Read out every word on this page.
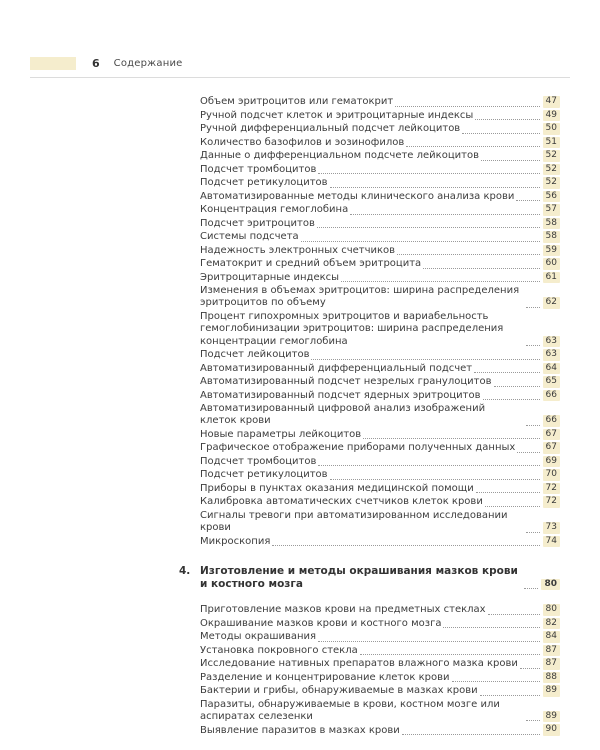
6 Содержание
Объем эритроцитов или гематокрит	47
Ручной подсчет клеток и эритроцитарные индексы	49
Ручной дифференциальный подсчет лейкоцитов	50
Количество базофилов и эозинофилов	51
Данные о дифференциальном подсчете лейкоцитов	52
Подсчет тромбоцитов	52
Подсчет ретикулоцитов	52
Автоматизированные методы клинического анализа крови	56
Концентрация гемоглобина	57
Подсчет эритроцитов	58
Системы подсчета	58
Надежность электронных счетчиков	59
Гематокрит и средний объем эритроцита	60
Эритроцитарные индексы	61
Изменения в объемах эритроцитов: ширина распределения эритроцитов по объему	62
Процент гипохромных эритроцитов и вариабельность гемоглобинизации эритроцитов: ширина распределения концентрации гемоглобина	63
Подсчет лейкоцитов	63
Автоматизированный дифференциальный подсчет	64
Автоматизированный подсчет незрелых гранулоцитов	65
Автоматизированный подсчет ядерных эритроцитов	66
Автоматизированный цифровой анализ изображений клеток крови	66
Новые параметры лейкоцитов	67
Графическое отображение приборами полученных данных	67
Подсчет тромбоцитов	69
Подсчет ретикулоцитов	70
Приборы в пунктах оказания медицинской помощи	72
Калибровка автоматических счетчиков клеток крови	72
Сигналы тревоги при автоматизированном исследовании крови	73
Микроскопия	74
4. Изготовление и методы окрашивания мазков крови и костного мозга	80
Приготовление мазков крови на предметных стеклах	80
Окрашивание мазков крови и костного мозга	82
Методы окрашивания	84
Установка покровного стекла	87
Исследование нативных препаратов влажного мазка крови	87
Разделение и концентрирование клеток крови	88
Бактерии и грибы, обнаруживаемые в мазках крови	89
Паразиты, обнаруживаемые в крови, костном мозге или аспиратах селезенки	89
Выявление паразитов в мазках крови	90
